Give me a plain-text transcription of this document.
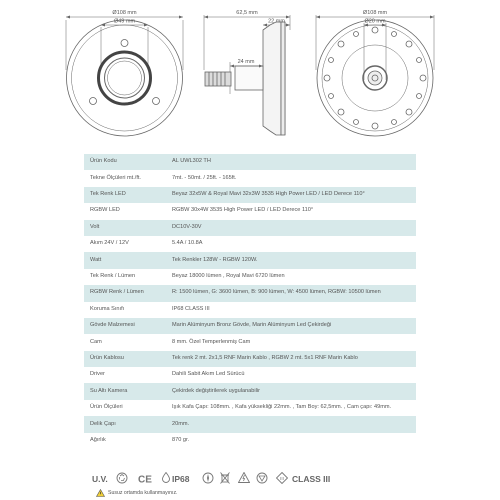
Ø108 mm
Ø49 mm
62,5 mm
22 mm
24 mm
Ø108 mm
Ø20 mm
Ürün Kodu	AL UWL302 TH
Tekne Ölçüleri mt./ft.	7mt. - 50mt. / 25ft. - 165ft.
Tek Renk LED	Beyaz 32x5W & Royal Mavi 32x3W 3535 High Power LED / LED Derece 110°
RGBW LED	RGBW 30x4W 3535 High Power LED / LED Derece 110°
Volt	DC10V-30V
Akım 24V / 12V	5.4A / 10.8A
Watt	Tek Renkler 128W - RGBW 120W.
Tek Renk / Lümen	Beyaz 18000 lümen , Royal Mavi 6720 lümen
RGBW Renk / Lümen	R: 1500 lümen, G: 3600 lümen, B: 900 lümen, W: 4500 lümen, RGBW: 10500 lümen
Koruma Sınıfı	IP68 CLASS III
Gövde Malzemesi	Marin Alüminyum Bronz Gövde, Marin Alüminyum Led Çekirdeği
Cam	8 mm. Özel Temperlenmiş Cam
Ürün Kablosu	Tek renk 2 mt. 2x1,5 RNF Marin Kablo , RGBW 2 mt. 5x1 RNF Marin Kablo
Driver	Dahili Sabit Akım Led Sürücü
Su Altı Kamera	Çekirdek değiştirilerek uygulanabilir
Ürün Ölçüleri	Işık Kafa Çapı: 108mm. , Kafa yüksekliği 22mm. , Tam Boy: 62,5mm. , Cam çapı: 49mm.
Delik Çapı	20mm.
Ağırlık	870 gr.
U.V.	CE IP68	III CLASS III
Susuz ortamda kullanmayınız.
